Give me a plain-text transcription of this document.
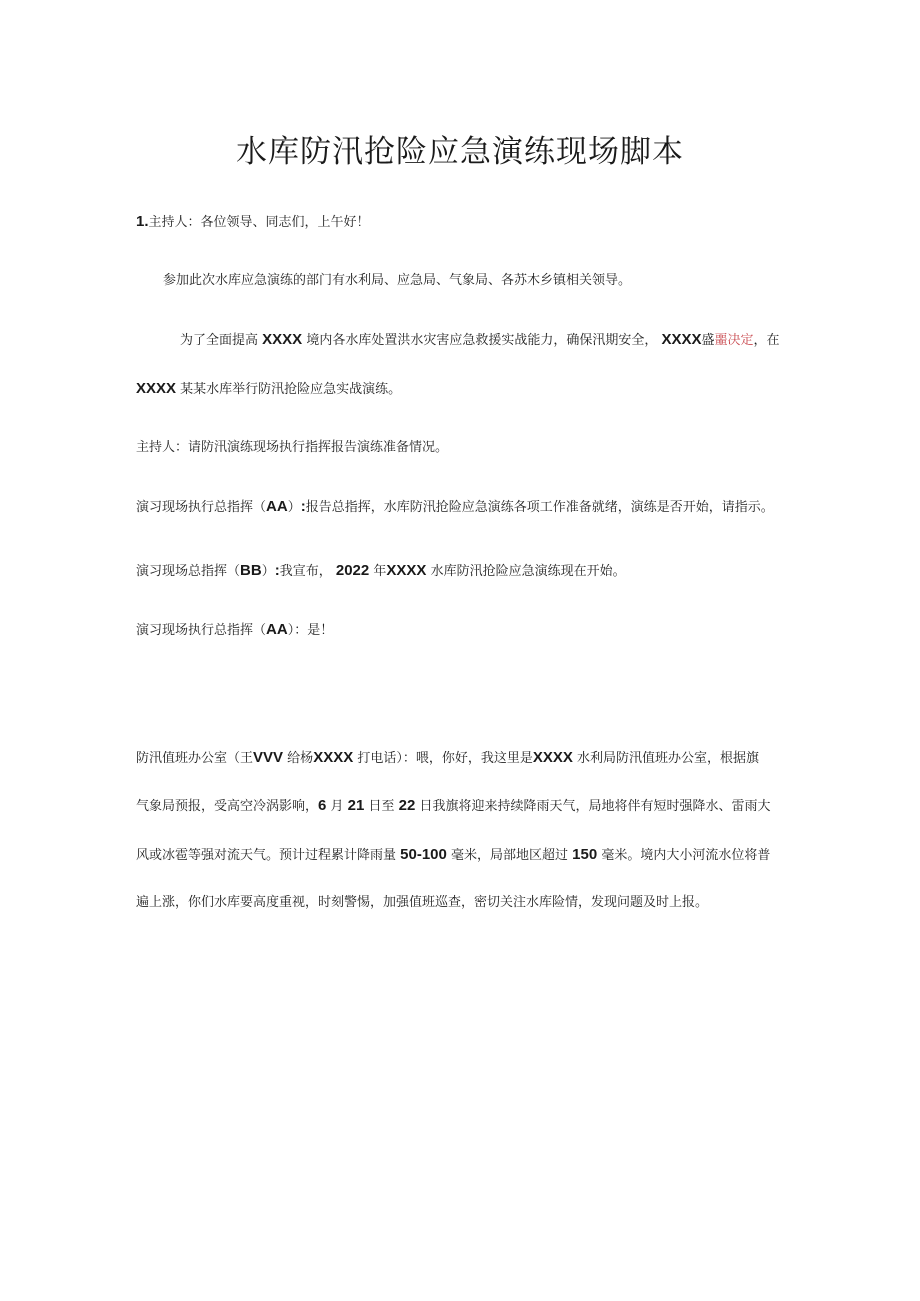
水库防汛抢险应急演练现场脚本
1.主持人：各位领导、同志们，上午好！
参加此次水库应急演练的部门有水利局、应急局、气象局、各苏木乡镇相关领导。
为了全面提高 XXXX 境内各水库处置洪水灾害应急救援实战能力，确保汛期安全， XXXX盛噩决定，在
XXXX 某某水库举行防汛抢险应急实战演练。
主持人：请防汛演练现场执行指挥报告演练准备情况。
演习现场执行总指挥（AA）:报告总指挥，水库防汛抢险应急演练各项工作准备就绪，演练是否开始，请指示。
演习现场总指挥（BB）:我宣布， 2022 年XXXX 水库防汛抢险应急演练现在开始。
演习现场执行总指挥（AA）：是！
防汛值班办公室（王VVV 给杨XXXX 打电话）：喂，你好，我这里是XXXX 水利局防汛值班办公室，根据旗
气象局预报，受高空冷涡影响，6 月 21 日至 22 日我旗将迎来持续降雨天气，局地将伴有短时强降水、雷雨大
风或冰雹等强对流天气。预计过程累计降雨量 50-100 毫米，局部地区超过 150 毫米。境内大小河流水位将普
遍上涨，你们水库要高度重视，时刻警惕，加强值班巡查，密切关注水库险情，发现问题及时上报。
